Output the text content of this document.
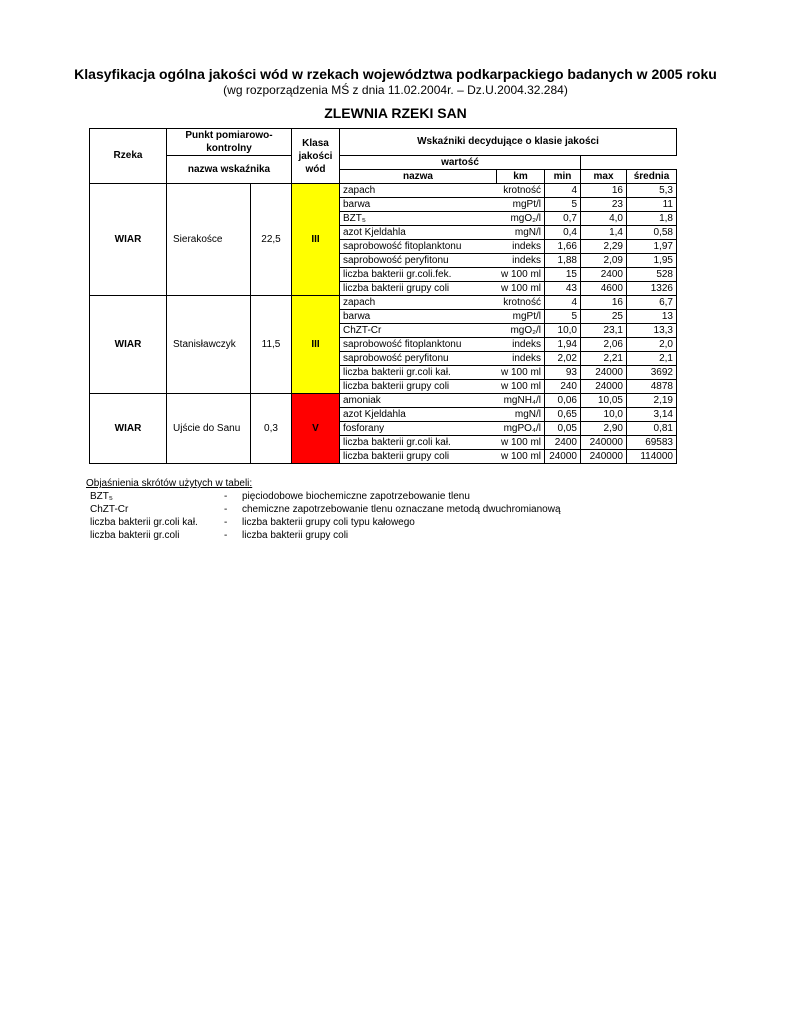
Klasyfikacja ogólna jakości wód w rzekach województwa podkarpackiego badanych w 2005 roku
(wg rozporządzenia MŚ z dnia 11.02.2004r. – Dz.U.2004.32.284)
ZLEWNIA RZEKI SAN
Rzeka	Punkt pomiarowo-kontrolny		Klasa jakości wód	Wskaźniki decydujące o klasie jakości				
	nazwa wskaźnika			wartość				
				nazwa	km	min	max	średnia
WIAR	Sierakośce	22,5	III	zapach	krotność	4	16	5,3
				barwa	mgPt/l	5	23	11
				BZT₅	mgO₂/l	0,7	4,0	1,8
				azot Kjeldahla	mgN/l	0,4	1,4	0,58
				saprobowość fitoplanktonu	indeks	1,66	2,29	1,97
				saprobowość peryfitonu	indeks	1,88	2,09	1,95
				liczba bakterii gr.coli.fek.	w 100 ml	15	2400	528
				liczba bakterii grupy coli	w 100 ml	43	4600	1326
WIAR	Stanisławczyk	11,5	III	zapach	krotność	4	16	6,7
				barwa	mgPt/l	5	25	13
				ChZT-Cr	mgO₂/l	10,0	23,1	13,3
				saprobowość fitoplanktonu	indeks	1,94	2,06	2,0
				saprobowość peryfitonu	indeks	2,02	2,21	2,1
				liczba bakterii gr.coli kał.	w 100 ml	93	24000	3692
				liczba bakterii grupy coli	w 100 ml	240	24000	4878
WIAR	Ujście do Sanu	0,3	V	amoniak	mgNH₄/l	0,06	10,05	2,19
				azot Kjeldahla	mgN/l	0,65	10,0	3,14
				fosforany	mgPO₄/l	0,05	2,90	0,81
				liczba bakterii gr.coli kał.	w 100 ml	2400	240000	69583
				liczba bakterii grupy coli	w 100 ml	24000	240000	114000
Objaśnienia skrótów użytych w tabeli:
BZT₅	-	pięciodobowe biochemiczne zapotrzebowanie tlenu
ChZT-Cr	-	chemiczne zapotrzebowanie tlenu oznaczane metodą dwuchromianową
liczba bakterii gr.coli kał.	-	liczba bakterii grupy coli typu kałowego
liczba bakterii gr.coli	-	liczba bakterii grupy coli
